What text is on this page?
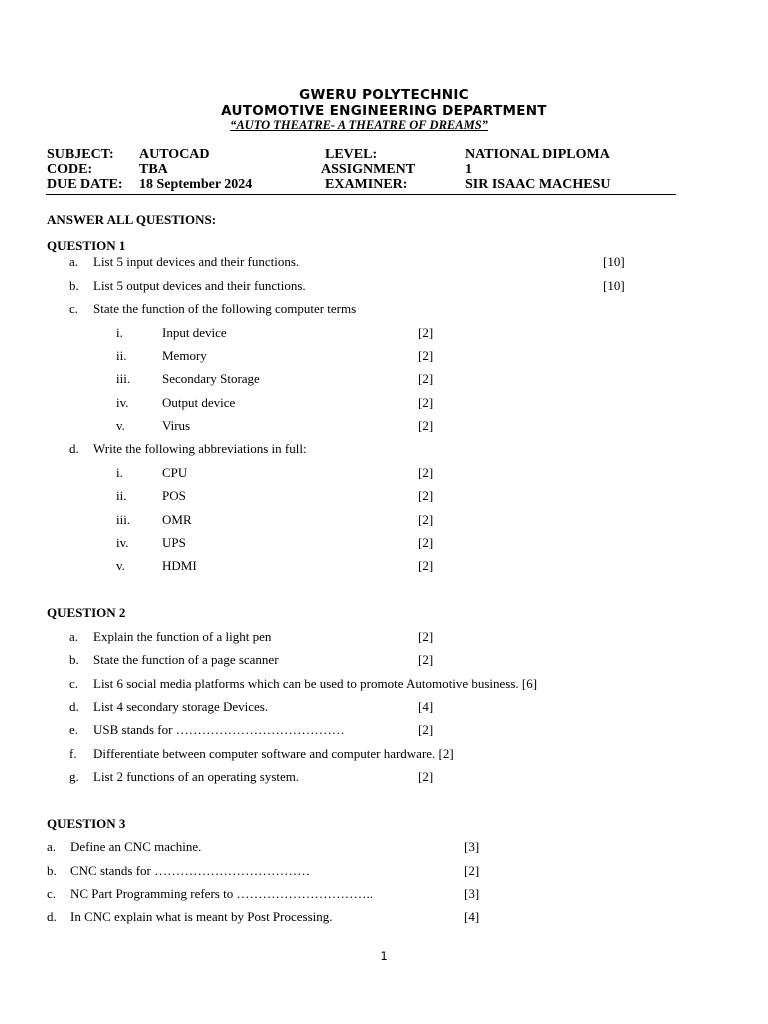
GWERU POLYTECHNIC
AUTOMOTIVE ENGINEERING DEPARTMENT
“AUTO THEATRE- A THEATRE OF DREAMS”
SUBJECT: AUTOCAD	LEVEL:	NATIONAL DIPLOMA
CODE:	TBA	ASSIGNMENT	1
DUE DATE: 18 September 2024	EXAMINER:	SIR ISAAC MACHESU
ANSWER ALL QUESTIONS:
QUESTION 1
a. List 5 input devices and their functions.	[10]
b. List 5 output devices and their functions.	[10]
c. State the function of the following computer terms
i.	Input device	[2]
ii.	Memory	[2]
iii. Secondary Storage	[2]
iv.	Output device	[2]
v.	Virus	[2]
d. Write the following abbreviations in full:
i.	CPU	[2]
ii.	POS	[2]
iii. OMR	[2]
iv.	UPS	[2]
v.	HDMI	[2]
QUESTION 2
a. Explain the function of a light pen	[2]
b. State the function of a page scanner	[2]
c. List 6 social media platforms which can be used to promote Automotive business. [6]
d. List 4 secondary storage Devices.	[4]
e. USB stands for …………………………………	[2]
f. Differentiate between computer software and computer hardware. [2]
g. List 2 functions of an operating system.	[2]
QUESTION 3
a. Define an CNC machine.	[3]
b. CNC stands for ………………………………	[2]
c. NC Part Programming refers to …………………………..	[3]
d. In CNC explain what is meant by Post Processing.	[4]
1
